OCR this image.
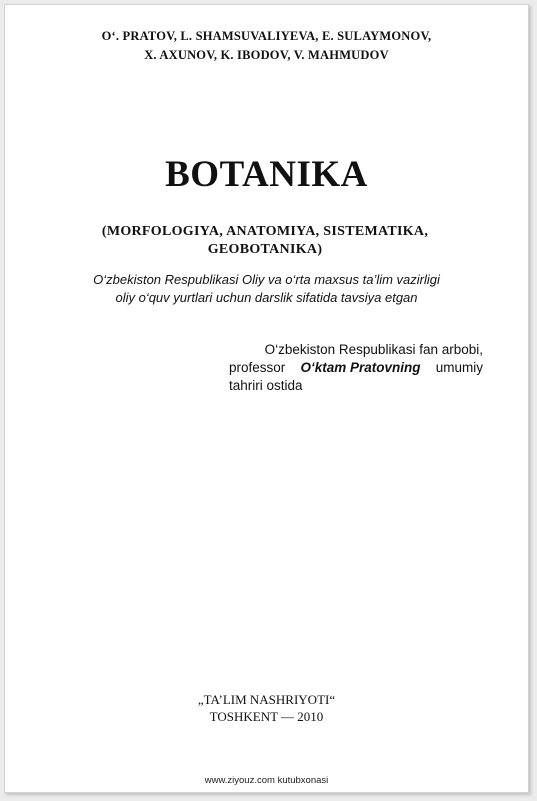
O‘. PRATOV, L. SHAMSUVALIYEVA, E. SULAYMONOV,
X. AXUNOV, K. IBODOV, V. MAHMUDOV
BOTANIKA
(MORFOLOGIYA, ANATOMIYA, SISTEMATIKA,
GEOBOTANIKA)
O‘zbekiston Respublikasi Oliy va o‘rta maxsus ta’lim vazirligi
oliy o‘quv yurtlari uchun darslik sifatida tavsiya etgan
O‘zbekiston Respublikasi fan arbobi,
professor O‘ktam Pratovning umumiy
tahriri ostida
„TA’LIM NASHRIYOTI“
TOSHKENT — 2010
www.ziyouz.com kutubxonasi
